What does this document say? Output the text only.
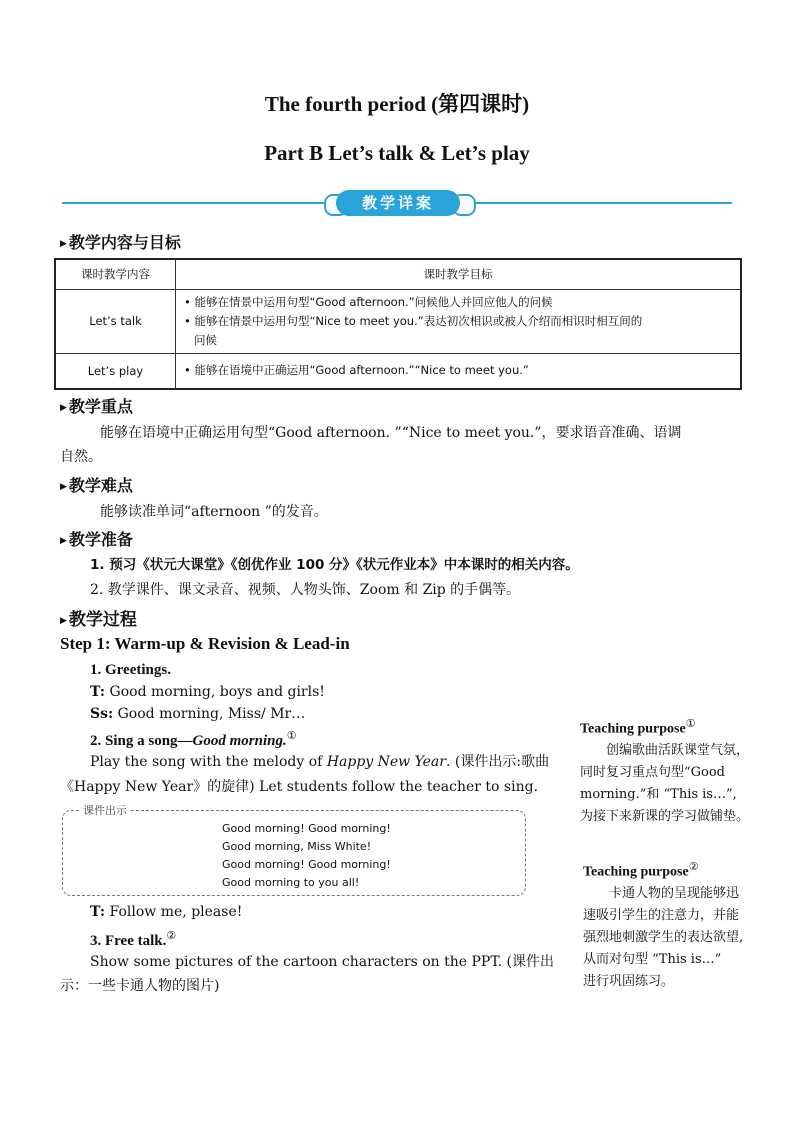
The fourth period (第四课时)
Part B Let’s talk & Let’s play
教学详案
▶ 教学内容与目标
课时教学内容	课时教学目标
Let’s talk	• 能够在情景中运用句型“Good afternoon.”问候他人并回应他人的问候
• 能够在情景中运用句型“Nice to meet you.”表达初次相识或被人介绍而相识时相互间的
问候

Let’s play	• 能够在语境中正确运用“Good afternoon.”“Nice to meet you.”
▶ 教学重点
能够在语境中正确运用句型“Good afternoon. ”“Nice to meet you.”，要求语音准确、语调
自然。
▶ 教学难点
能够读准单词“afternoon ”的发音。
▶ 教学准备
1. 预习《状元大课堂》《创优作业 100 分》《状元作业本》中本课时的相关内容。
2. 教学课件、课文录音、视频、人物头饰、Zoom 和 Zip 的手偶等。
▶ 教学过程
Step 1: Warm-up & Revision & Lead-in
1. Greetings.
T: Good morning, boys and girls!
Ss: Good morning, Miss/ Mr…
2. Sing a song—Good morning.①
Play the song with the melody of Happy New Year. (课件出示:歌曲
《Happy New Year》的旋律) Let students follow the teacher to sing.
课件出示
Good morning! Good morning!
Good morning, Miss White!
Good morning! Good morning!
Good morning to you all!
T: Follow me, please!
3. Free talk.②
Show some pictures of the cartoon characters on the PPT. (课件出
示：一些卡通人物的图片)
Teaching purpose①
创编歌曲活跃课堂气氛，
同时复习重点句型“Good
morning.”和 “This is…”,
为接下来新课的学习做铺垫。
Teaching purpose②
卡通人物的呈现能够迅
速吸引学生的注意力，并能
强烈地刺激学生的表达欲望,
从而对句型 “This is…”
进行巩固练习。
